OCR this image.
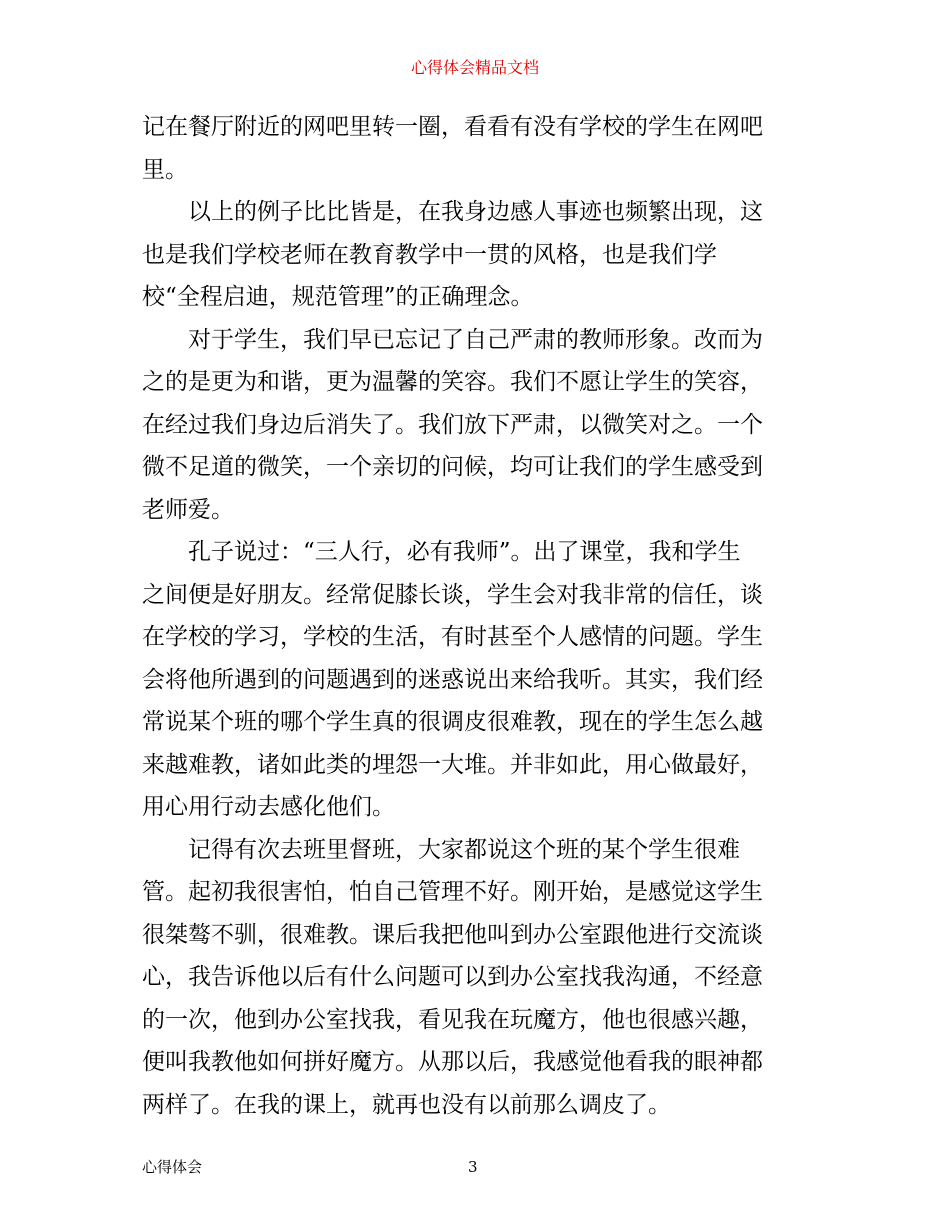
心得体会精品文档
记在餐厅附近的网吧里转一圈，看看有没有学校的学生在网吧
里。
以上的例子比比皆是，在我身边感人事迹也频繁出现，这
也是我们学校老师在教育教学中一贯的风格，也是我们学
校“全程启迪，规范管理”的正确理念。
对于学生，我们早已忘记了自己严肃的教师形象。改而为
之的是更为和谐，更为温馨的笑容。我们不愿让学生的笑容，
在经过我们身边后消失了。我们放下严肃，以微笑对之。一个
微不足道的微笑，一个亲切的问候，均可让我们的学生感受到
老师爱。
孔子说过：“三人行，必有我师”。出了课堂，我和学生
之间便是好朋友。经常促膝长谈，学生会对我非常的信任，谈
在学校的学习，学校的生活，有时甚至个人感情的问题。学生
会将他所遇到的问题遇到的迷惑说出来给我听。其实，我们经
常说某个班的哪个学生真的很调皮很难教，现在的学生怎么越
来越难教，诸如此类的埋怨一大堆。并非如此，用心做最好，
用心用行动去感化他们。
记得有次去班里督班，大家都说这个班的某个学生很难
管。起初我很害怕，怕自己管理不好。刚开始，是感觉这学生
很桀骜不驯，很难教。课后我把他叫到办公室跟他进行交流谈
心，我告诉他以后有什么问题可以到办公室找我沟通，不经意
的一次，他到办公室找我，看见我在玩魔方，他也很感兴趣，
便叫我教他如何拼好魔方。从那以后，我感觉他看我的眼神都
两样了。在我的课上，就再也没有以前那么调皮了。
心得体会	3
